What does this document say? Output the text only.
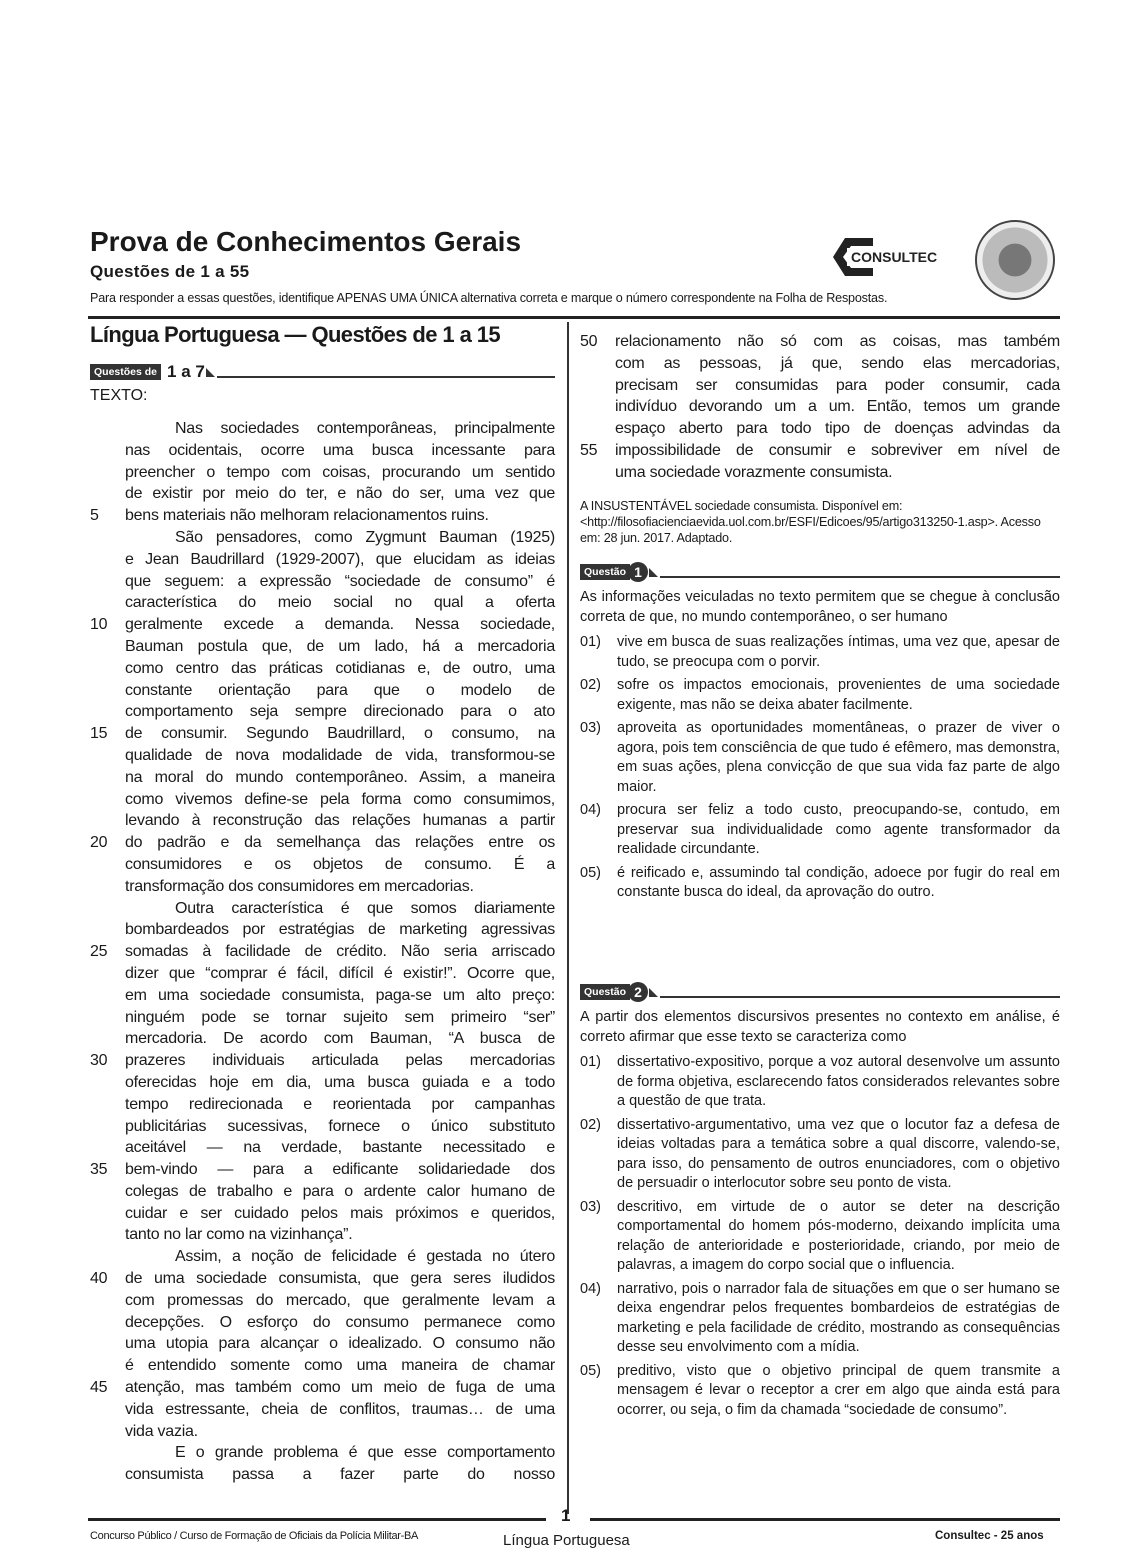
Prova de Conhecimentos Gerais
Questões de 1 a 55
Para responder a essas questões, identifique APENAS UMA ÚNICA alternativa correta e marque o número correspondente na Folha de Respostas.
CONSULTEC
Língua Portuguesa — Questões de 1 a 15
Questões de 1 a 7
TEXTO:
Nas sociedades contemporâneas, principalmente
nas ocidentais, ocorre uma busca incessante para
preencher o tempo com coisas, procurando um sentido
de existir por meio do ter, e não do ser, uma vez que
5	bens materiais não melhoram relacionamentos ruins.
São pensadores, como Zygmunt Bauman (1925)
e Jean Baudrillard (1929-2007), que elucidam as ideias
que seguem: a expressão “sociedade de consumo” é
característica do meio social no qual a oferta
10 geralmente excede a demanda. Nessa sociedade,
Bauman postula que, de um lado, há a mercadoria
como centro das práticas cotidianas e, de outro, uma
constante orientação para que o modelo de
comportamento seja sempre direcionado para o ato
15 de consumir. Segundo Baudrillard, o consumo, na
qualidade de nova modalidade de vida, transformou-se
na moral do mundo contemporâneo. Assim, a maneira
como vivemos define-se pela forma como consumimos,
levando à reconstrução das relações humanas a partir
20 do padrão e da semelhança das relações entre os
consumidores e os objetos de consumo. É a
transformação dos consumidores em mercadorias.
Outra característica é que somos diariamente
bombardeados por estratégias de marketing agressivas
25 somadas à facilidade de crédito. Não seria arriscado
dizer que “comprar é fácil, difícil é existir!”. Ocorre que,
em uma sociedade consumista, paga-se um alto preço:
ninguém pode se tornar sujeito sem primeiro “ser”
mercadoria. De acordo com Bauman, “A busca de
30 prazeres individuais articulada pelas mercadorias
oferecidas hoje em dia, uma busca guiada e a todo
tempo redirecionada e reorientada por campanhas
publicitárias sucessivas, fornece o único substituto
aceitável — na verdade, bastante necessitado e
35 bem-vindo — para a edificante solidariedade dos
colegas de trabalho e para o ardente calor humano de
cuidar e ser cuidado pelos mais próximos e queridos,
tanto no lar como na vizinhança”.
Assim, a noção de felicidade é gestada no útero
40 de uma sociedade consumista, que gera seres iludidos
com promessas do mercado, que geralmente levam a
decepções. O esforço do consumo permanece como
uma utopia para alcançar o idealizado. O consumo não
é entendido somente como uma maneira de chamar
45 atenção, mas também como um meio de fuga de uma
vida estressante, cheia de conflitos, traumas… de uma
vida vazia.
E o grande problema é que esse comportamento
consumista passa a fazer parte do nosso
50 relacionamento não só com as coisas, mas também
com as pessoas, já que, sendo elas mercadorias,
precisam ser consumidas para poder consumir, cada
indivíduo devorando um a um. Então, temos um grande
espaço aberto para todo tipo de doenças advindas da
55 impossibilidade de consumir e sobreviver em nível de
uma sociedade vorazmente consumista.
A INSUSTENTÁVEL sociedade consumista. Disponível em: <http://filosofiacienciaevida.uol.com.br/ESFI/Edicoes/95/artigo313250-1.asp>. Acesso em: 28 jun. 2017. Adaptado.
Questão 1
As informações veiculadas no texto permitem que se chegue à conclusão correta de que, no mundo contemporâneo, o ser humano
01)	vive em busca de suas realizações íntimas, uma vez que, apesar de tudo, se preocupa com o porvir.
02)	sofre os impactos emocionais, provenientes de uma sociedade exigente, mas não se deixa abater facilmente.
03)	aproveita as oportunidades momentâneas, o prazer de viver o agora, pois tem consciência de que tudo é efêmero, mas demonstra, em suas ações, plena convicção de que sua vida faz parte de algo maior.
04)	procura ser feliz a todo custo, preocupando-se, contudo, em preservar sua individualidade como agente transformador da realidade circundante.
05)	é reificado e, assumindo tal condição, adoece por fugir do real em constante busca do ideal, da aprovação do outro.
Questão 2
A partir dos elementos discursivos presentes no contexto em análise, é correto afirmar que esse texto se caracteriza como
01)	dissertativo-expositivo, porque a voz autoral desenvolve um assunto de forma objetiva, esclarecendo fatos considerados relevantes sobre a questão de que trata.
02)	dissertativo-argumentativo, uma vez que o locutor faz a defesa de ideias voltadas para a temática sobre a qual discorre, valendo-se, para isso, do pensamento de outros enunciadores, com o objetivo de persuadir o interlocutor sobre seu ponto de vista.
03)	descritivo, em virtude de o autor se deter na descrição comportamental do homem pós-moderno, deixando implícita uma relação de anterioridade e posterioridade, criando, por meio de palavras, a imagem do corpo social que o influencia.
04)	narrativo, pois o narrador fala de situações em que o ser humano se deixa engendrar pelos frequentes bombardeios de estratégias de marketing e pela facilidade de crédito, mostrando as consequências desse seu envolvimento com a mídia.
05)	preditivo, visto que o objetivo principal de quem transmite a mensagem é levar o receptor a crer em algo que ainda está para ocorrer, ou seja, o fim da chamada “sociedade de consumo”.
1
Concurso Público / Curso de Formação de Oficiais da Polícia Militar-BA	Língua Portuguesa	Consultec - 25 anos
